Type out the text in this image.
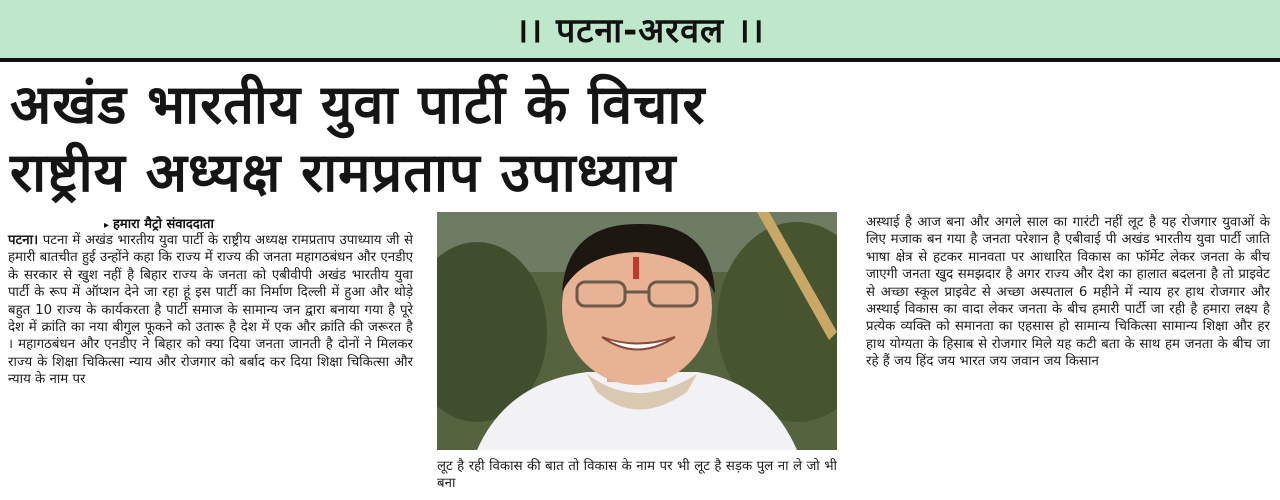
।। पटना-अरवल ।।
अखंड भारतीय युवा पार्टी के विचार
राष्ट्रीय अध्यक्ष रामप्रताप उपाध्याय
▸ हमारा मैट्रो संवाददाता

पटना। पटना में अखंड भारतीय युवा पार्टी के राष्ट्रीय अध्यक्ष रामप्रताप उपाध्याय जी से हमारी बातचीत हुई उन्होंने कहा कि राज्य में राज्य की जनता महागठबंधन और एनडीए के सरकार से खुश नहीं है बिहार राज्य के जनता को एबीवीपी अखंड भारतीय युवा पार्टी के रूप में ऑप्शन देने जा रहा हूं इस पार्टी का निर्माण दिल्ली में हुआ और थोड़े बहुत 10 राज्य के कार्यकरता है पार्टी समाज के सामान्य जन द्वारा बनाया गया है पूरे देश में क्रांति का नया बीगुल फूकने को उतारू है देश में एक और क्रांति की जरूरत है । महागठबंधन और एनडीए ने बिहार को क्या दिया जनता जानती है दोनों ने मिलकर राज्य के शिक्षा चिकित्सा न्याय और रोजगार को बर्बाद कर दिया शिक्षा चिकित्सा और न्याय के नाम पर

लूट है रही विकास की बात तो विकास के नाम पर भी लूट है सड़क पुल ना ले जो भी बना

अस्थाई है आज बना और अगले साल का गारंटी नहीं लूट है यह रोजगार युवाओं के लिए मजाक बन गया है जनता परेशान है एबीवाई पी अखंड भारतीय युवा पार्टी जाति भाषा क्षेत्र से हटकर मानवता पर आधारित विकास का फॉर्मेट लेकर जनता के बीच जाएगी जनता खुद समझदार है अगर राज्य और देश का हालात बदलना है तो प्राइवेट से अच्छा स्कूल प्राइवेट से अच्छा अस्पताल 6 महीने में न्याय हर हाथ रोजगार और अस्थाई विकास का वादा लेकर जनता के बीच हमारी पार्टी जा रही है हमारा लक्ष्य है प्रत्येक व्यक्ति को समानता का एहसास हो सामान्य चिकित्सा सामान्य शिक्षा और हर हाथ योग्यता के हिसाब से रोजगार मिले यह कटी बता के साथ हम जनता के बीच जा रहे हैं जय हिंद जय भारत जय जवान जय किसान
